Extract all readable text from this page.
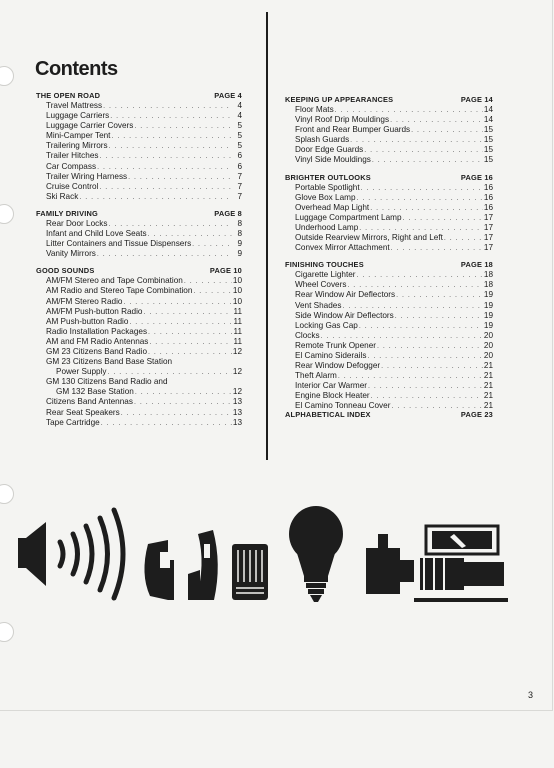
Contents
THE OPEN ROAD	PAGE 4
Travel Mattress . . .	4
Luggage Carriers . . .	4
Luggage Carrier Covers . . .	5
Mini-Camper Tent . . .	5
Trailering Mirrors . . .	5
Trailer Hitches . . .	6
Car Compass . . .	6
Trailer Wiring Harness . . .	7
Cruise Control . . .	7
Ski Rack . . .	7
FAMILY DRIVING	PAGE 8
Rear Door Locks . . .	8
Infant and Child Love Seats . . .	8
Litter Containers and Tissue Dispensers . . .	9
Vanity Mirrors . . .	9
GOOD SOUNDS	PAGE 10
AM/FM Stereo and Tape Combination . . .	10
AM Radio and Stereo Tape Combination . . .	10
AM/FM Stereo Radio . . .	10
AM/FM Push-button Radio . . .	11
AM Push-button Radio . . .	11
Radio Installation Packages . . .	11
AM and FM Radio Antennas . . .	11
GM 23 Citizens Band Radio . . .	12
GM 23 Citizens Band Base Station
Power Supply . . .	12
GM 130 Citizens Band Radio and
GM 132 Base Station . . .	12
Citizens Band Antennas . . .	13
Rear Seat Speakers . . .	13
Tape Cartridge . . .	13
KEEPING UP APPEARANCES	PAGE 14
Floor Mats . . .	14
Vinyl Roof Drip Mouldings . . .	14
Front and Rear Bumper Guards . . .	15
Splash Guards . . .	15
Door Edge Guards . . .	15
Vinyl Side Mouldings . . .	15
BRIGHTER OUTLOOKS	PAGE 16
Portable Spotlight . . .	16
Glove Box Lamp . . .	16
Overhead Map Light . . .	16
Luggage Compartment Lamp . . .	17
Underhood Lamp . . .	17
Outside Rearview Mirrors, Right and Left . . .	17
Convex Mirror Attachment . . .	17
FINISHING TOUCHES	PAGE 18
Cigarette Lighter . . .	18
Wheel Covers . . .	18
Rear Window Air Deflectors . . .	19
Vent Shades . . .	19
Side Window Air Deflectors . . .	19
Locking Gas Cap . . .	19
Clocks . . .	20
Remote Trunk Opener . . .	20
El Camino Siderails . . .	20
Rear Window Defogger . . .	21
Theft Alarm . . .	21
Interior Car Warmer . . .	21
Engine Block Heater . . .	21
El Camino Tonneau Cover . . .	21
ALPHABETICAL INDEX	PAGE 23
3
